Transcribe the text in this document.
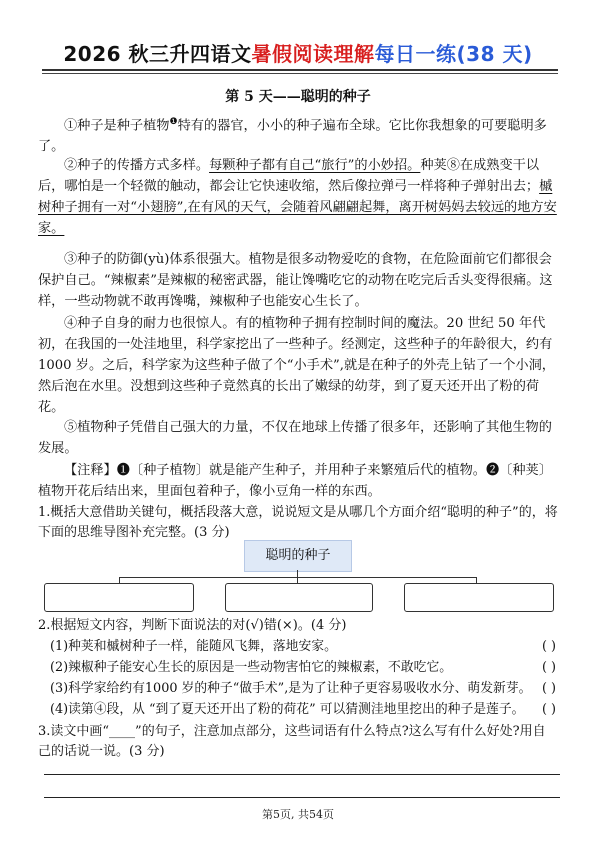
2026 秋三升四语文暑假阅读理解每日一练(38 天)
第 5 天——聪明的种子
①种子是种子植物$^❶$特有的器官，小小的种子遍布全球。它比你我想象的可要聪明多了。
②种子的传播方式多样。每颗种子都有自己“旅行”的小妙招。种荚⑧在成熟变干以后，哪怕是一个轻微的触动，都会让它快速收缩，然后像拉弹弓一样将种子弹射出去；槭树种子拥有一对“小翅膀”,在有风的天气，会随着风翩翩起舞，离开树妈妈去较远的地方安家。
③种子的防御(yù)体系很强大。植物是很多动物爱吃的食物，在危险面前它们都很会保护自己。“辣椒素”是辣椒的秘密武器，能让馋嘴吃它的动物在吃完后舌头变得很痛。这样，一些动物就不敢再馋嘴，辣椒种子也能安心生长了。
④种子自身的耐力也很惊人。有的植物种子拥有控制时间的魔法。20 世纪 50 年代初，在我国的一处洼地里，科学家挖出了一些种子。经测定，这些种子的年龄很大，约有 1000 岁。之后，科学家为这些种子做了个“小手术”,就是在种子的外壳上钻了一个小洞，然后泡在水里。没想到这些种子竟然真的长出了嫩绿的幼芽，到了夏天还开出了粉的荷花。
⑤植物种子凭借自己强大的力量，不仅在地球上传播了很多年，还影响了其他生物的发展。
【注释】❶〔种子植物〕就是能产生种子，并用种子来繁殖后代的植物。❷〔种荚〕植物开花后结出来，里面包着种子，像小豆角一样的东西。
1.概括大意借助关键句，概括段落大意，说说短文是从哪几个方面介绍“聪明的种子”的，将下面的思维导图补充完整。(3 分)
聪明的种子
2.根据短文内容，判断下面说法的对(√)错(×)。(4 分)
(1)种荚和槭树种子一样，能随风飞舞，落地安家。	( )
(2)辣椒种子能安心生长的原因是一些动物害怕它的辣椒素，不敢吃它。	( )
(3)科学家给约有1000 岁的种子“做手术”,是为了让种子更容易吸收水分、萌发新芽。 ( )
(4)读第④段，从 “到了夏天还开出了粉的荷花” 可以猜测洼地里挖出的种子是莲子。 ( )
3.读文中画“____”的句子，注意加点部分，这些词语有什么特点?这么写有什么好处?用自己的话说一说。(3 分)
第5页, 共54页
